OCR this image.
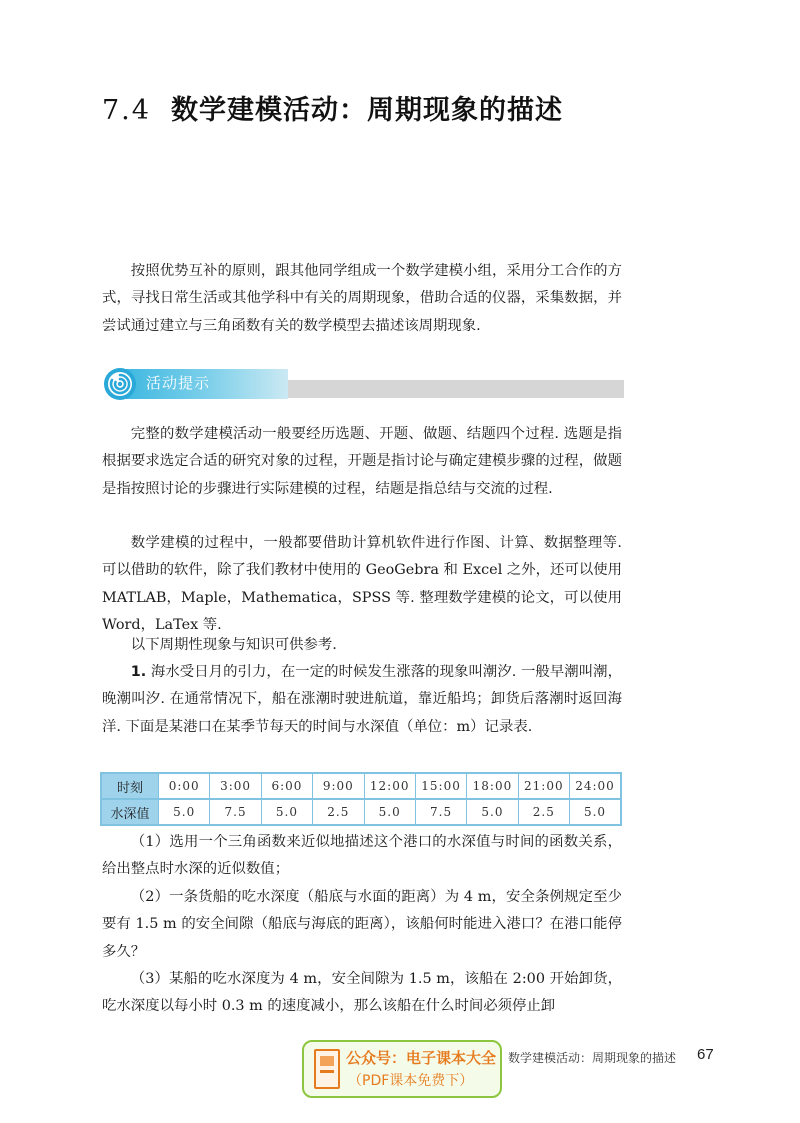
7.4 数学建模活动：周期现象的描述

按照优势互补的原则，跟其他同学组成一个数学建模小组，采用分工合作的方式，寻找日常生活或其他学科中有关的周期现象，借助合适的仪器，采集数据，并尝试通过建立与三角函数有关的数学模型去描述该周期现象.

活动提示

完整的数学建模活动一般要经历选题、开题、做题、结题四个过程. 选题是指根据要求选定合适的研究对象的过程，开题是指讨论与确定建模步骤的过程，做题是指按照讨论的步骤进行实际建模的过程，结题是指总结与交流的过程.

数学建模的过程中，一般都要借助计算机软件进行作图、计算、数据整理等. 可以借助的软件，除了我们教材中使用的 GeoGebra 和 Excel 之外，还可以使用 MATLAB，Maple，Mathematica，SPSS 等. 整理数学建模的论文，可以使用 Word，LaTex 等.

以下周期性现象与知识可供参考.

1. 海水受日月的引力，在一定的时候发生涨落的现象叫潮汐. 一般早潮叫潮，晚潮叫汐. 在通常情况下，船在涨潮时驶进航道，靠近船坞；卸货后落潮时返回海洋. 下面是某港口在某季节每天的时间与水深值（单位：m）记录表.

时刻	0:00	3:00	6:00	9:00	12:00	15:00	18:00	21:00	24:00
水深值	5.0	7.5	5.0	2.5	5.0	7.5	5.0	2.5	5.0

（1）选用一个三角函数来近似地描述这个港口的水深值与时间的函数关系，给出整点时水深的近似数值；

（2）一条货船的吃水深度（船底与水面的距离）为 4 m，安全条例规定至少要有 1.5 m 的安全间隙（船底与海底的距离），该船何时能进入港口？在港口能停多久？

（3）某船的吃水深度为 4 m，安全间隙为 1.5 m，该船在 2:00 开始卸货，吃水深度以每小时 0.3 m 的速度减小，那么该船在什么时间必须停止卸

公众号：电子课本大全
（PDF课本免费下）
数学建模活动：周期现象的描述 67
